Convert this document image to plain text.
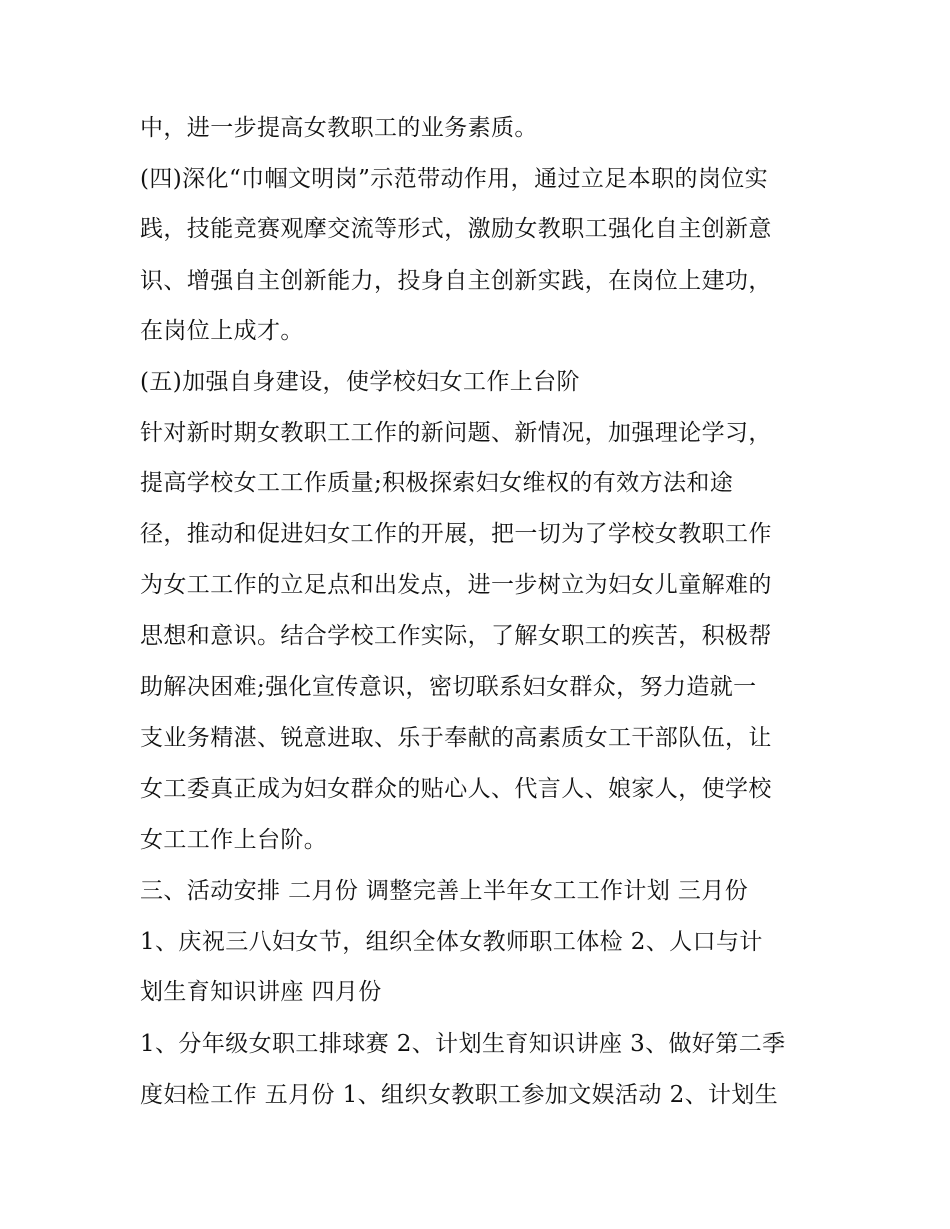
中，进一步提高女教职工的业务素质。
(四)深化“巾帼文明岗”示范带动作用，通过立足本职的岗位实
践，技能竞赛观摩交流等形式，激励女教职工强化自主创新意
识、增强自主创新能力，投身自主创新实践，在岗位上建功，
在岗位上成才。
(五)加强自身建设，使学校妇女工作上台阶
针对新时期女教职工工作的新问题、新情况，加强理论学习，
提高学校女工工作质量;积极探索妇女维权的有效方法和途
径，推动和促进妇女工作的开展，把一切为了学校女教职工作
为女工工作的立足点和出发点，进一步树立为妇女儿童解难的
思想和意识。结合学校工作实际，了解女职工的疾苦，积极帮
助解决困难;强化宣传意识，密切联系妇女群众，努力造就一
支业务精湛、锐意进取、乐于奉献的高素质女工干部队伍，让
女工委真正成为妇女群众的贴心人、代言人、娘家人，使学校
女工工作上台阶。
三、活动安排 二月份 调整完善上半年女工工作计划 三月份
1、庆祝三八妇女节，组织全体女教师职工体检 2、人口与计
划生育知识讲座 四月份
1、分年级女职工排球赛 2、计划生育知识讲座 3、做好第二季
度妇检工作 五月份 1、组织女教职工参加文娱活动 2、计划生
